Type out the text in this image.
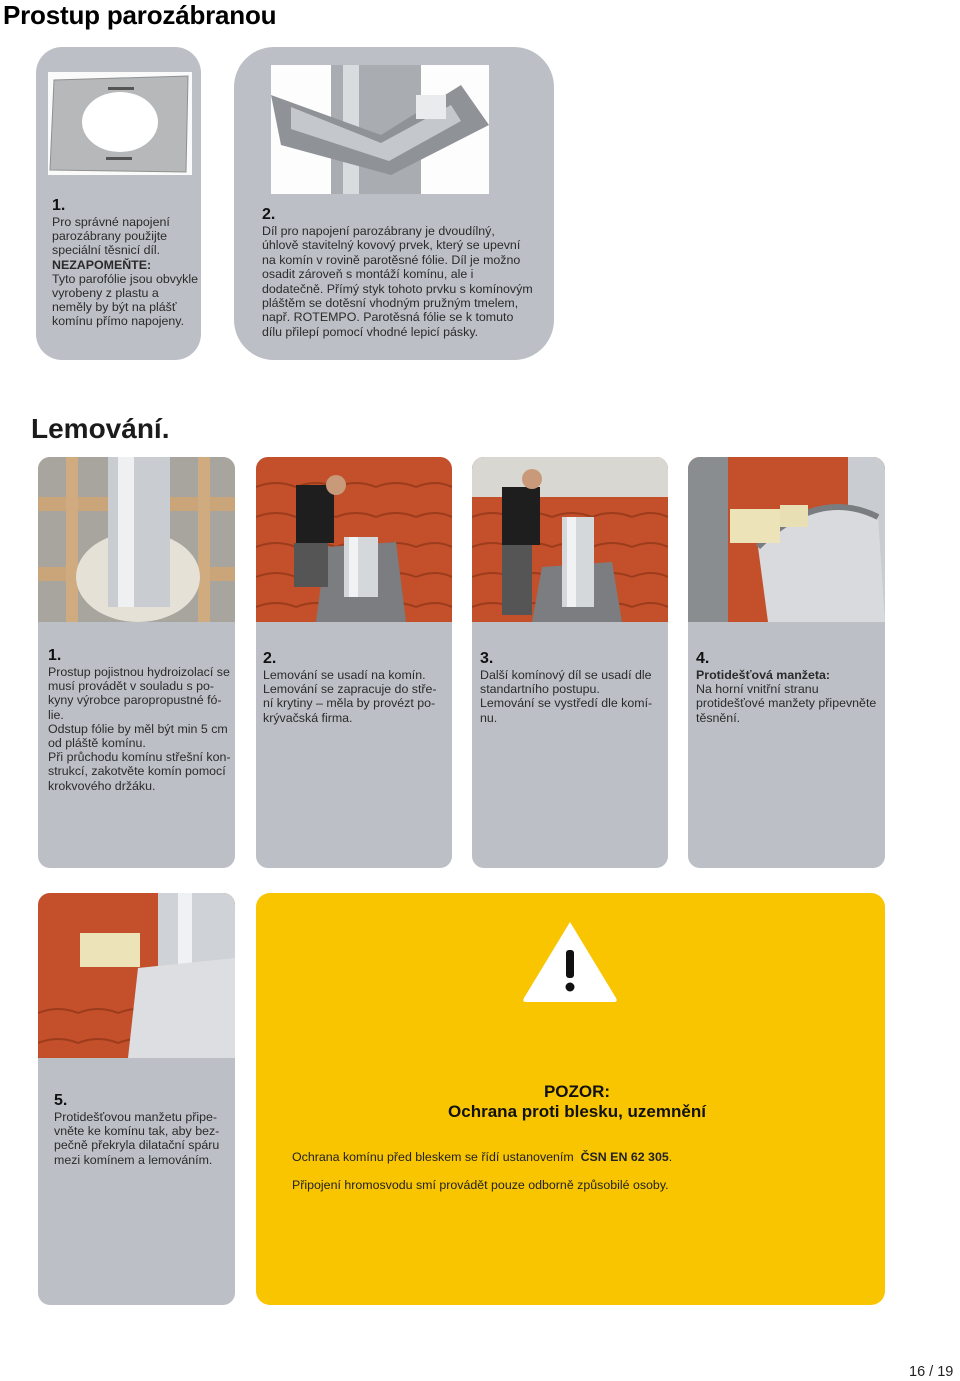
Prostup parozábranou
Lemování.
1.
Pro správné napojení
parozábrany použijte
speciální těsnicí díl.
NEZAPOMEŇTE:
Tyto parofólie jsou obvykle
vyrobeny z plastu a
neměly by být na plášť
komínu přímo napojeny.
2.
Díl pro napojení parozábrany je dvoudílný,
úhlově stavitelný kovový prvek, který se upevní
na komín v rovině parotěsné fólie. Díl je možno
osadit zároveň s montáží komínu, ale i
dodatečně. Přímý styk tohoto prvku s komínovým
pláštěm se dotěsní vhodným pružným tmelem,
např. ROTEMPO. Parotěsná fólie se k tomuto
dílu přilepí pomocí vhodné lepicí pásky.
1.
Prostup pojistnou hydroizolací se
musí provádět v souladu s po-
kyny výrobce paropropustné fó-
lie.
Odstup fólie by měl být min 5 cm
od pláště komínu.
Při průchodu komínu střešní kon-
strukcí, zakotvěte komín pomocí
krokvového držáku.
2.
Lemování se usadí na komín.
Lemování se zapracuje do stře-
ní krytiny – měla by provézt po-
krývačská firma.
3.
Další komínový díl se usadí dle
standartního postupu.
Lemování se vystředí dle komí-
nu.
4.
Protidešťová manžeta:
Na horní vnitřní stranu
protidešťové manžety připevněte
těsnění.
5.
Protidešťovou manžetu připe-
vněte ke komínu tak, aby bez-
pečně překryla dilatační spáru
mezi komínem a lemováním.
POZOR:
Ochrana proti blesku, uzemnění
Ochrana komínu před bleskem se řídí ustanovením ČSN EN 62 305.
Připojení hromosvodu smí provádět pouze odborně způsobilé osoby.
16 / 19
